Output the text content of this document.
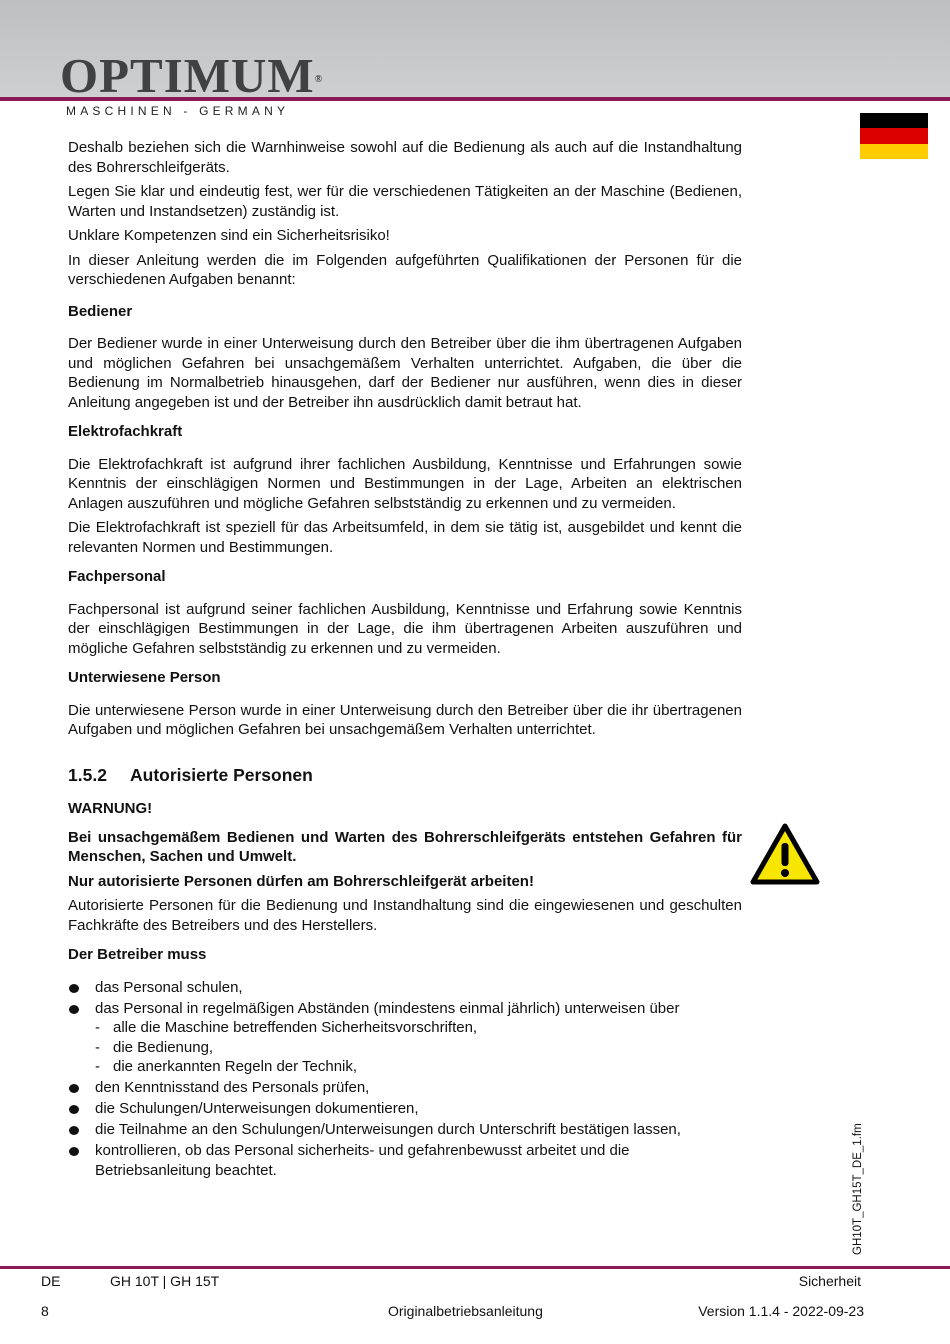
OPTIMUM®
MASCHINEN - GERMANY

Deshalb beziehen sich die Warnhinweise sowohl auf die Bedienung als auch auf die Instandhaltung des Bohrerschleifgeräts.

Legen Sie klar und eindeutig fest, wer für die verschiedenen Tätigkeiten an der Maschine (Bedienen, Warten und Instandsetzen) zuständig ist.

Unklare Kompetenzen sind ein Sicherheitsrisiko!

In dieser Anleitung werden die im Folgenden aufgeführten Qualifikationen der Personen für die verschiedenen Aufgaben benannt:

Bediener

Der Bediener wurde in einer Unterweisung durch den Betreiber über die ihm übertragenen Aufgaben und möglichen Gefahren bei unsachgemäßem Verhalten unterrichtet. Aufgaben, die über die Bedienung im Normalbetrieb hinausgehen, darf der Bediener nur ausführen, wenn dies in dieser Anleitung angegeben ist und der Betreiber ihn ausdrücklich damit betraut hat.

Elektrofachkraft

Die Elektrofachkraft ist aufgrund ihrer fachlichen Ausbildung, Kenntnisse und Erfahrungen sowie Kenntnis der einschlägigen Normen und Bestimmungen in der Lage, Arbeiten an elektrischen Anlagen auszuführen und mögliche Gefahren selbstständig zu erkennen und zu vermeiden.

Die Elektrofachkraft ist speziell für das Arbeitsumfeld, in dem sie tätig ist, ausgebildet und kennt die relevanten Normen und Bestimmungen.

Fachpersonal

Fachpersonal ist aufgrund seiner fachlichen Ausbildung, Kenntnisse und Erfahrung sowie Kenntnis der einschlägigen Bestimmungen in der Lage, die ihm übertragenen Arbeiten auszuführen und mögliche Gefahren selbstständig zu erkennen und zu vermeiden.

Unterwiesene Person

Die unterwiesene Person wurde in einer Unterweisung durch den Betreiber über die ihr übertragenen Aufgaben und möglichen Gefahren bei unsachgemäßem Verhalten unterrichtet.

1.5.2 Autorisierte Personen

WARNUNG!

Bei unsachgemäßem Bedienen und Warten des Bohrerschleifgeräts entstehen Gefahren für Menschen, Sachen und Umwelt.

Nur autorisierte Personen dürfen am Bohrerschleifgerät arbeiten!

Autorisierte Personen für die Bedienung und Instandhaltung sind die eingewiesenen und geschulten Fachkräfte des Betreibers und des Herstellers.

Der Betreiber muss

das Personal schulen,
das Personal in regelmäßigen Abständen (mindestens einmal jährlich) unterweisen über
- alle die Maschine betreffenden Sicherheitsvorschriften,
- die Bedienung,
- die anerkannten Regeln der Technik,
den Kenntnisstand des Personals prüfen,
die Schulungen/Unterweisungen dokumentieren,
die Teilnahme an den Schulungen/Unterweisungen durch Unterschrift bestätigen lassen,
kontrollieren, ob das Personal sicherheits- und gefahrenbewusst arbeitet und die Betriebsanleitung beachtet.	GH10T_GH15T_DE_1.fm
DE	GH 10T | GH 15T	Sicherheit
8	Originalbetriebsanleitung	Version 1.1.4 - 2022-09-23
